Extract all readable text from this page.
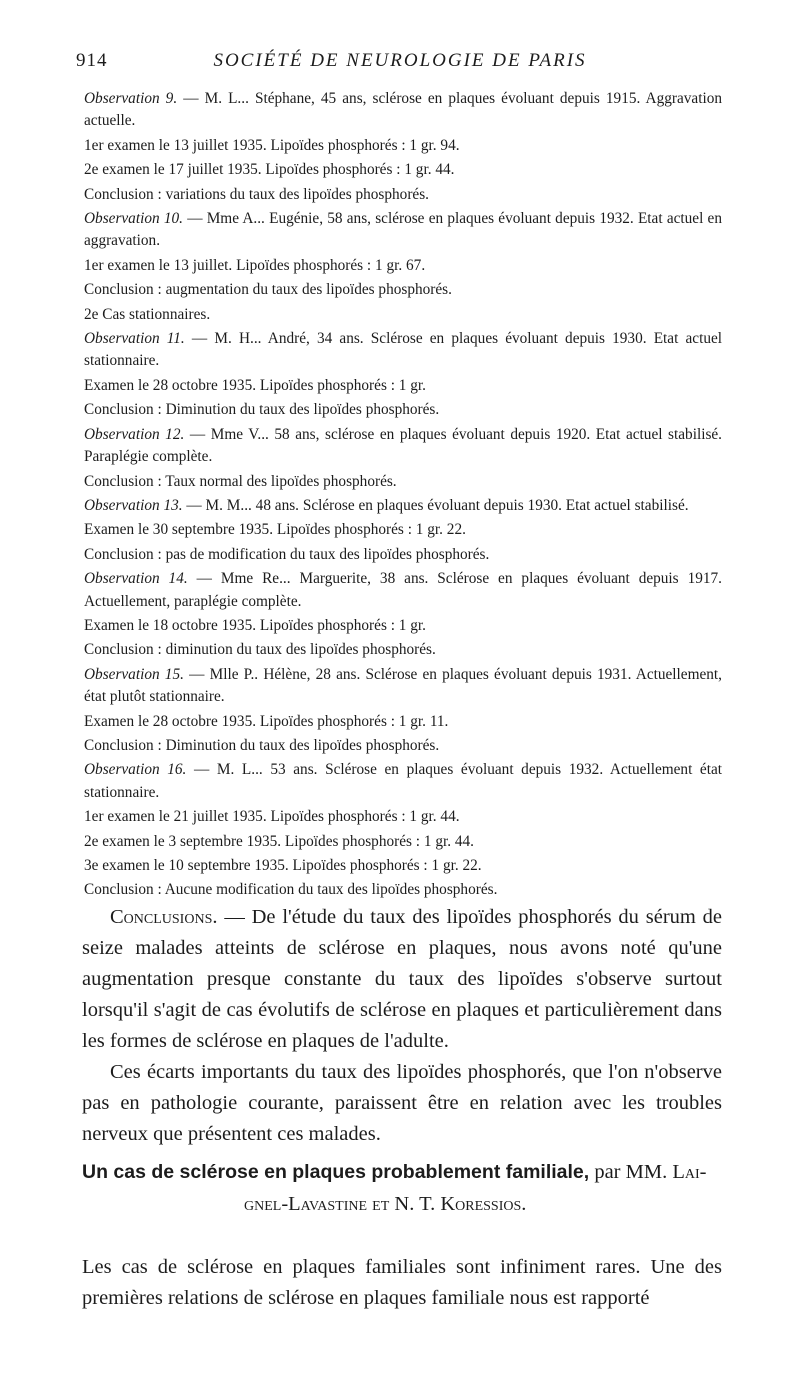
914	SOCIÉTÉ DE NEUROLOGIE DE PARIS

Observation 9. — M. L... Stéphane, 45 ans, sclérose en plaques évoluant depuis 1915. Aggravation actuelle.

1er examen le 13 juillet 1935. Lipoïdes phosphorés : 1 gr. 94.

2e examen le 17 juillet 1935. Lipoïdes phosphorés : 1 gr. 44.

Conclusion : variations du taux des lipoïdes phosphorés.

Observation 10. — Mme A... Eugénie, 58 ans, sclérose en plaques évoluant depuis 1932. Etat actuel en aggravation.

1er examen le 13 juillet. Lipoïdes phosphorés : 1 gr. 67.

Conclusion : augmentation du taux des lipoïdes phosphorés.

2e Cas stationnaires.

Observation 11. — M. H... André, 34 ans. Sclérose en plaques évoluant depuis 1930. Etat actuel stationnaire.

Examen le 28 octobre 1935. Lipoïdes phosphorés : 1 gr.

Conclusion : Diminution du taux des lipoïdes phosphorés.

Observation 12. — Mme V... 58 ans, sclérose en plaques évoluant depuis 1920. Etat actuel stabilisé. Paraplégie complète.

Conclusion : Taux normal des lipoïdes phosphorés.

Observation 13. — M. M... 48 ans. Sclérose en plaques évoluant depuis 1930. Etat actuel stabilisé.

Examen le 30 septembre 1935. Lipoïdes phosphorés : 1 gr. 22.

Conclusion : pas de modification du taux des lipoïdes phosphorés.

Observation 14. — Mme Re... Marguerite, 38 ans. Sclérose en plaques évoluant depuis 1917. Actuellement, paraplégie complète.

Examen le 18 octobre 1935. Lipoïdes phosphorés : 1 gr.

Conclusion : diminution du taux des lipoïdes phosphorés.

Observation 15. — Mlle P.. Hélène, 28 ans. Sclérose en plaques évoluant depuis 1931. Actuellement, état plutôt stationnaire.

Examen le 28 octobre 1935. Lipoïdes phosphorés : 1 gr. 11.

Conclusion : Diminution du taux des lipoïdes phosphorés.

Observation 16. — M. L... 53 ans. Sclérose en plaques évoluant depuis 1932. Actuellement état stationnaire.

1er examen le 21 juillet 1935. Lipoïdes phosphorés : 1 gr. 44.

2e examen le 3 septembre 1935. Lipoïdes phosphorés : 1 gr. 44.

3e examen le 10 septembre 1935. Lipoïdes phosphorés : 1 gr. 22.

Conclusion : Aucune modification du taux des lipoïdes phosphorés.

Conclusions. — De l'étude du taux des lipoïdes phosphorés du sérum de seize malades atteints de sclérose en plaques, nous avons noté qu'une augmentation presque constante du taux des lipoïdes s'observe surtout lorsqu'il s'agit de cas évolutifs de sclérose en plaques et particulièrement dans les formes de sclérose en plaques de l'adulte.

Ces écarts importants du taux des lipoïdes phosphorés, que l'on n'observe pas en pathologie courante, paraissent être en relation avec les troubles nerveux que présentent ces malades.

Un cas de sclérose en plaques probablement familiale, par MM. Lai-

gnel-Lavastine et N. T. Koressios.

Les cas de sclérose en plaques familiales sont infiniment rares. Une des premières relations de sclérose en plaques familiale nous est rapporté
